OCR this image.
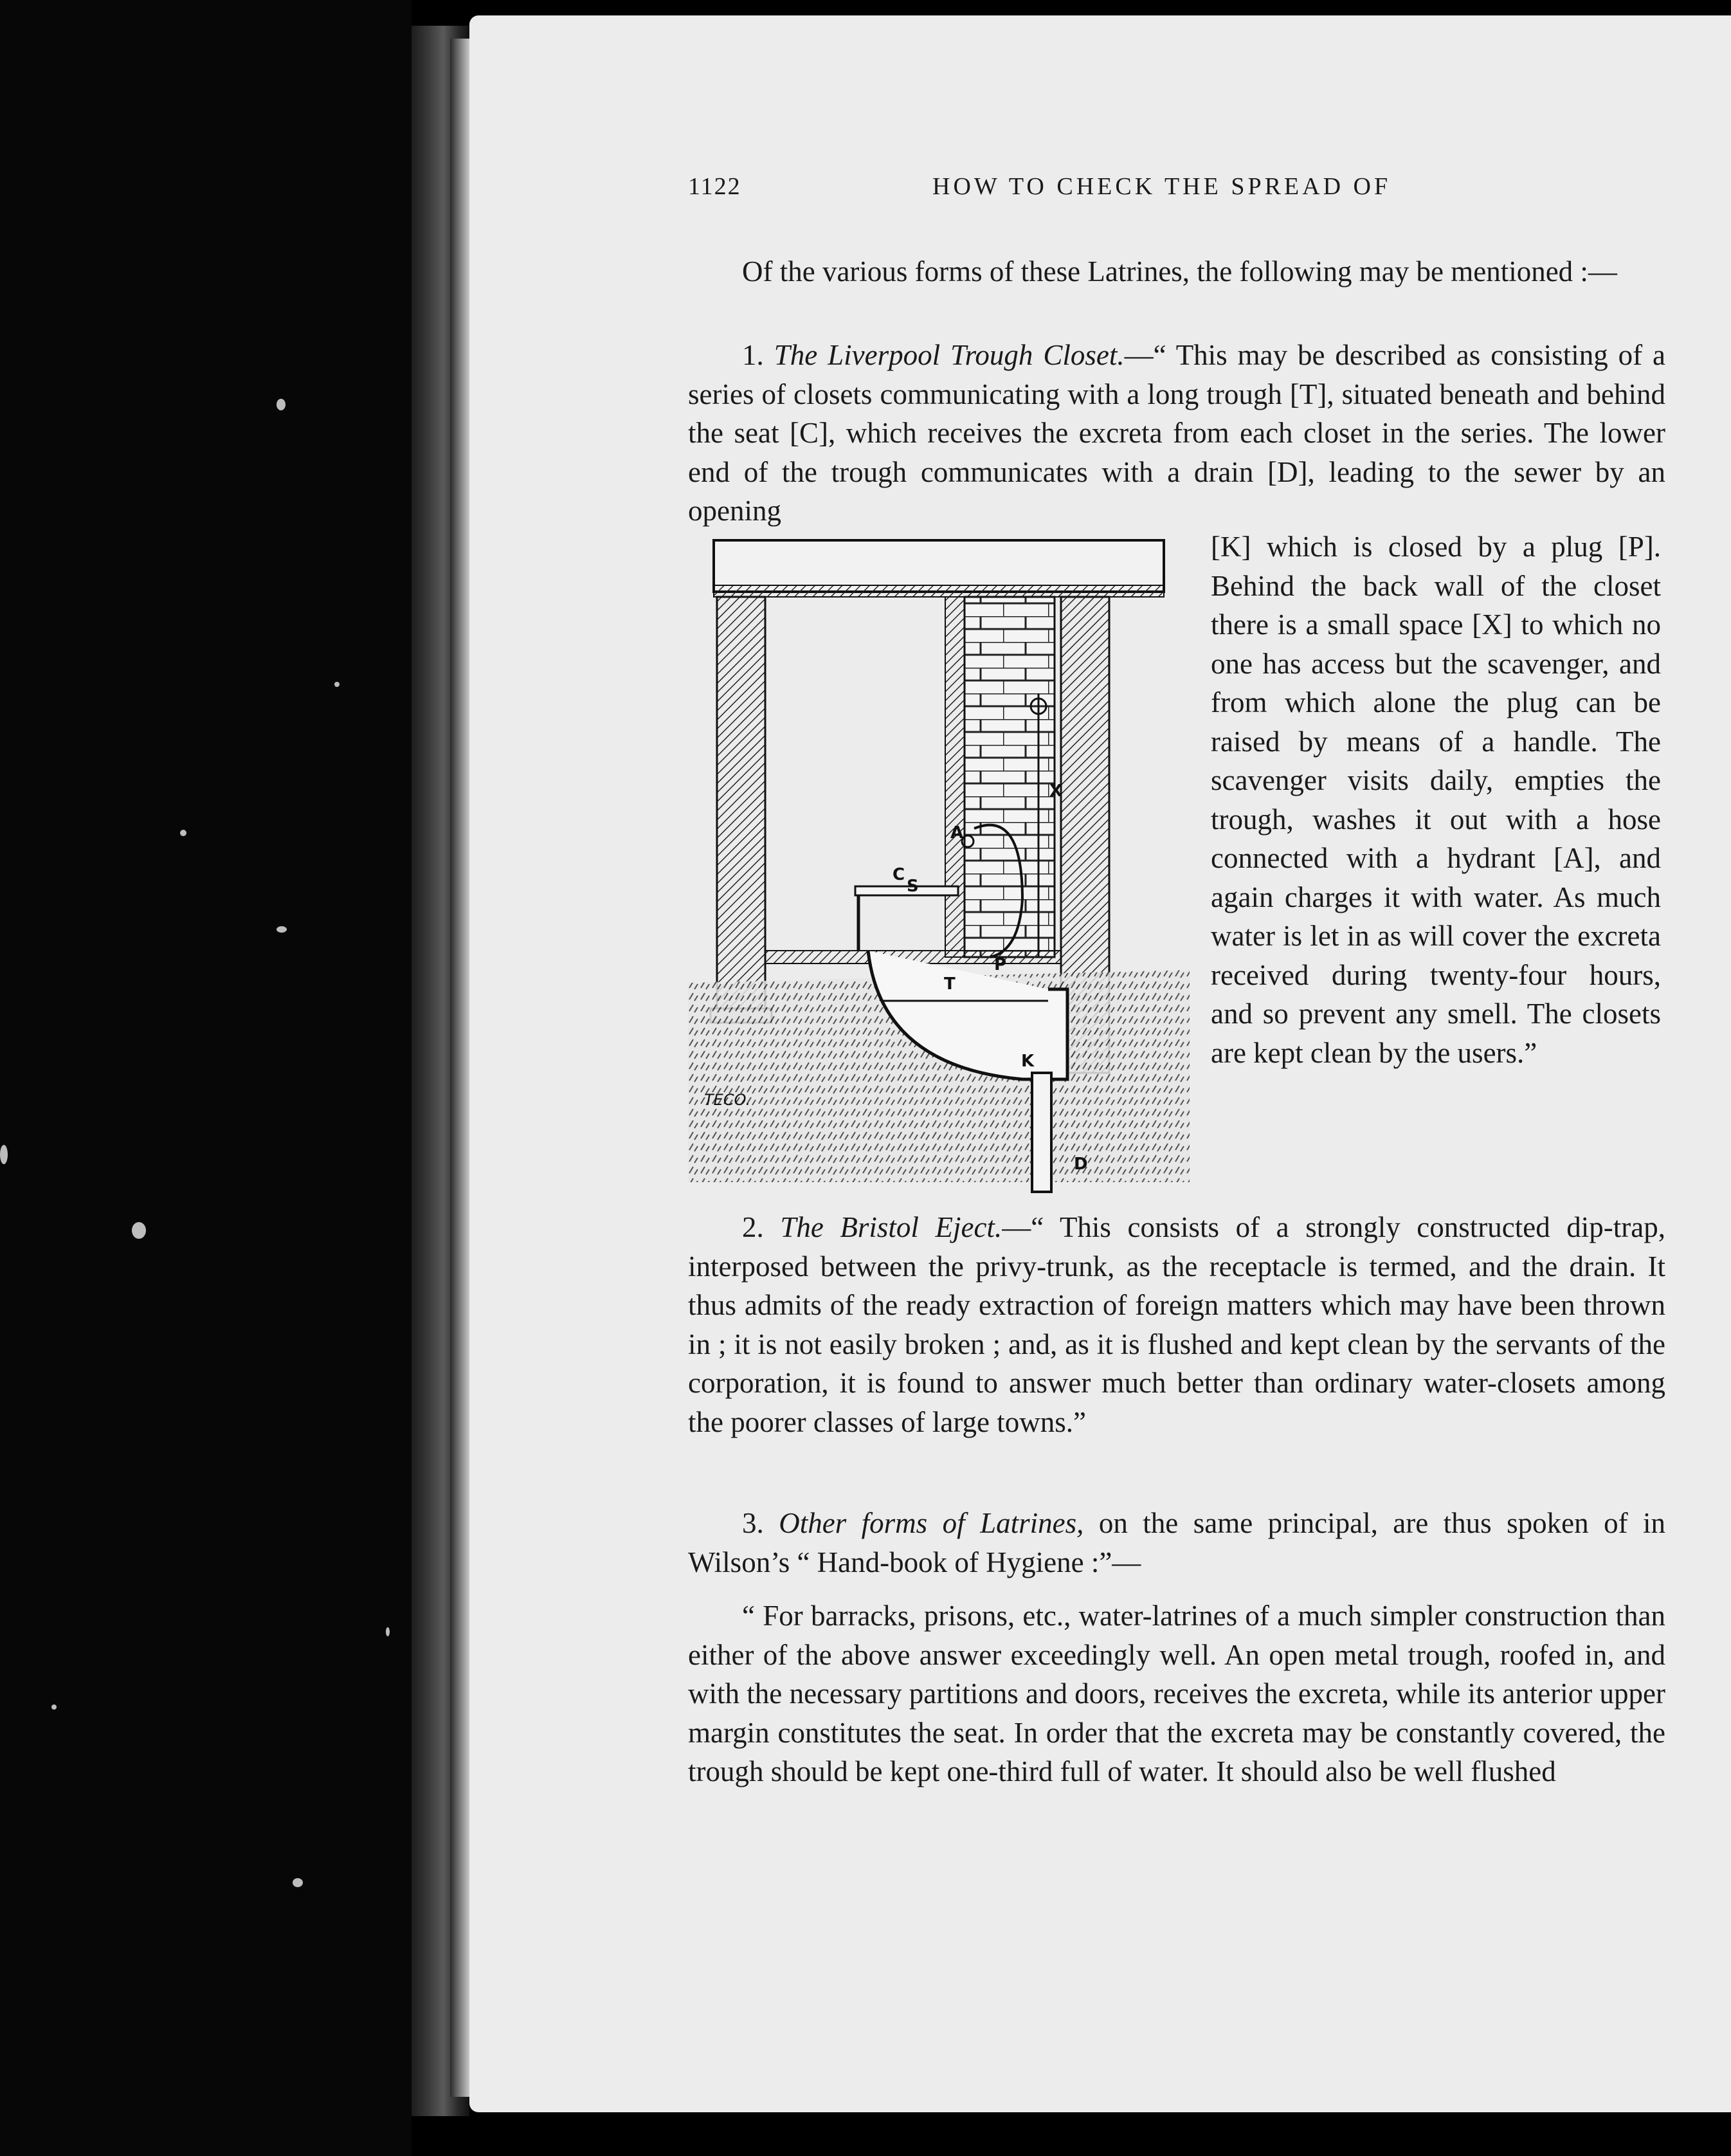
1122	HOW TO CHECK THE SPREAD OF
Of the various forms of these Latrines, the following may be mentioned :—
1. The Liverpool Trough Closet.—“ This may be described as consisting of a series of closets communicating with a long trough [T], situated beneath and behind the seat [C], which receives the excreta from each closet in the series. The lower end of the trough communicates with a drain [D], leading to the sewer by an opening
A
C
S
X
P
T
K
D
TECO.
[K] which is closed by a plug [P]. Behind the back wall of the closet there is a small space [X] to which no one has access but the scavenger, and from which alone the plug can be raised by means of a handle. The scavenger visits daily, empties the trough, washes it out with a hose connected with a hydrant [A], and again charges it with water. As much water is let in as will cover the excreta received during twenty-four hours, and so prevent any smell. The closets are kept clean by the users.”
2. The Bristol Eject.—“ This consists of a strongly constructed dip-trap, interposed between the privy-trunk, as the receptacle is termed, and the drain. It thus admits of the ready extraction of foreign matters which may have been thrown in ; it is not easily broken ; and, as it is flushed and kept clean by the servants of the corporation, it is found to answer much better than ordinary water-closets among the poorer classes of large towns.”
3. Other forms of Latrines, on the same principal, are thus spoken of in Wilson’s “ Hand-book of Hygiene :”—
“ For barracks, prisons, etc., water-latrines of a much simpler construction than either of the above answer exceedingly well. An open metal trough, roofed in, and with the necessary partitions and doors, receives the excreta, while its anterior upper margin constitutes the seat. In order that the excreta may be constantly covered, the trough should be kept one-third full of water. It should also be well flushed
